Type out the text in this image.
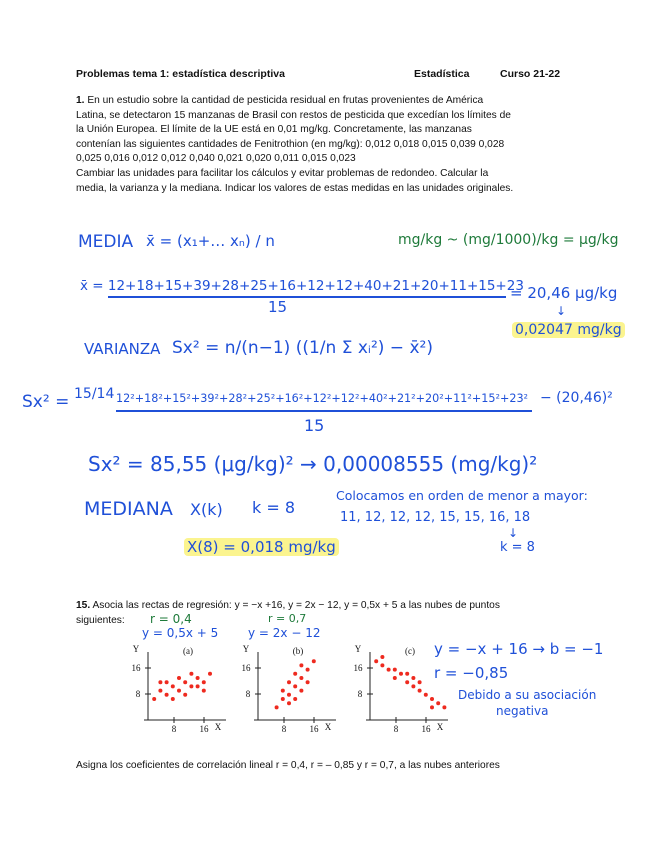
Problemas tema 1: estadística descriptiva	Estadística	Curso 21-22
1. En un estudio sobre la cantidad de pesticida residual en frutas provenientes de América
Latina, se detectaron 15 manzanas de Brasil con restos de pesticida que excedían los límites de
la Unión Europea. El límite de la UE está en 0,01 mg/kg. Concretamente, las manzanas
contenían las siguientes cantidades de Fenitrothion (en mg/kg): 0,012 0,018 0,015 0,039 0,028
0,025 0,016 0,012 0,012 0,040 0,021 0,020 0,011 0,015 0,023
Cambiar las unidades para facilitar los cálculos y evitar problemas de redondeo. Calcular la
media, la varianza y la mediana. Indicar los valores de estas medidas en las unidades originales.
MEDIA x̄ = (x₁+… xₙ) / n	mg/kg ~ (mg/1000)/kg = μg/kg
x̄ = 12+18+15+39+28+25+16+12+12+40+21+20+11+15+23
15
= 20,46 μg/kg
↓
0,02047 mg/kg
VARIANZA Sx² = n/(n−1) ((1/n Σ xᵢ²) − x̄²)
Sx² = 15/14 12²+18²+15²+39²+28²+25²+16²+12²+12²+40²+21²+20²+11²+15²+23² − (20,46)²
15
Sx² = 85,55 (μg/kg)² → 0,00008555 (mg/kg)²
MEDIANA X(k) k = 8
Colocamos en orden de menor a mayor:
11, 12, 12, 12, 15, 15, 16, 18
↓
k = 8
X(8) = 0,018 mg/kg
15. Asocia las rectas de regresión: y = −x +16, y = 2x − 12, y = 0,5x + 5 a las nubes de puntos
siguientes: r = 0,4
y = 0,5x + 5
r = 0,7
y = 2x − 12
y = −x + 16 → b = −1
r = −0,85
Debido a su asociación
negativa
Y
16
8
8	16 X
(a)	Y
16
8
8	16 X
(b)	Y
16
8
8	16 X
(c)
Asigna los coeficientes de correlación lineal r = 0,4, r = – 0,85 y r = 0,7, a las nubes anteriores
